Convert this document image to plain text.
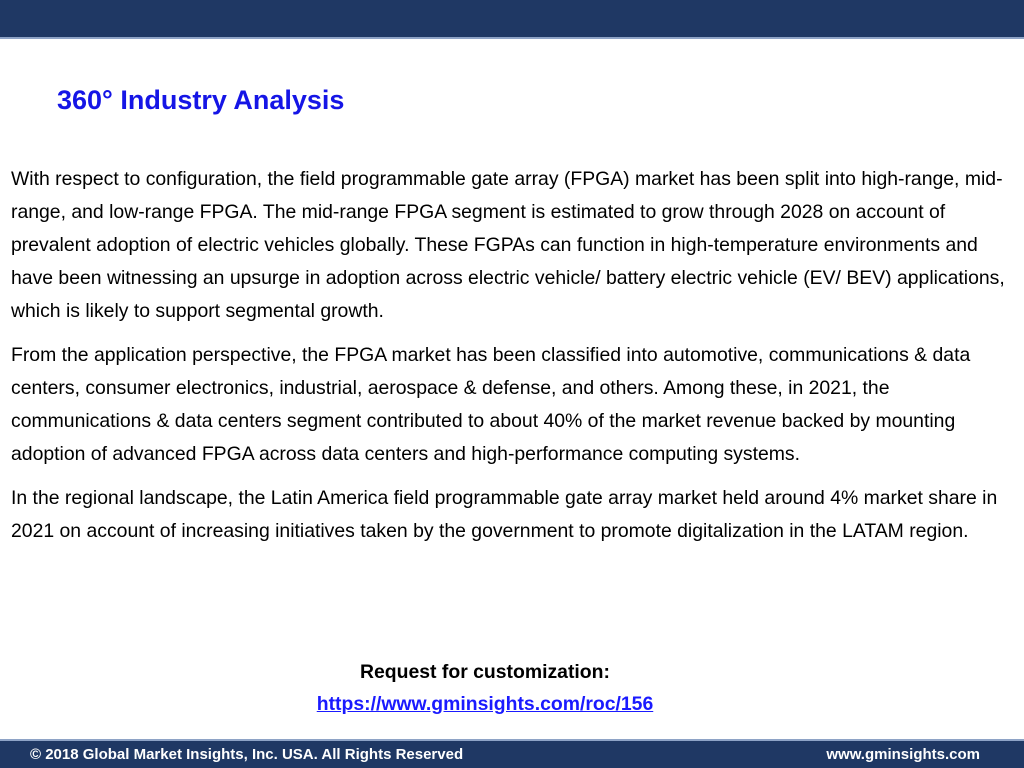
360° Industry Analysis

With respect to configuration, the field programmable gate array (FPGA) market has been split into high-range, mid-range, and low-range FPGA. The mid-range FPGA segment is estimated to grow through 2028 on account of prevalent adoption of electric vehicles globally. These FGPAs can function in high-temperature environments and have been witnessing an upsurge in adoption across electric vehicle/ battery electric vehicle (EV/ BEV) applications, which is likely to support segmental growth.

From the application perspective, the FPGA market has been classified into automotive, communications & data centers, consumer electronics, industrial, aerospace & defense, and others. Among these, in 2021, the communications & data centers segment contributed to about 40% of the market revenue backed by mounting adoption of advanced FPGA across data centers and high-performance computing systems.

In the regional landscape, the Latin America field programmable gate array market held around 4% market share in 2021 on account of increasing initiatives taken by the government to promote digitalization in the LATAM region.

Request for customization:
https://www.gminsights.com/roc/156
© 2018 Global Market Insights, Inc. USA. All Rights Reserved	www.gminsights.com
